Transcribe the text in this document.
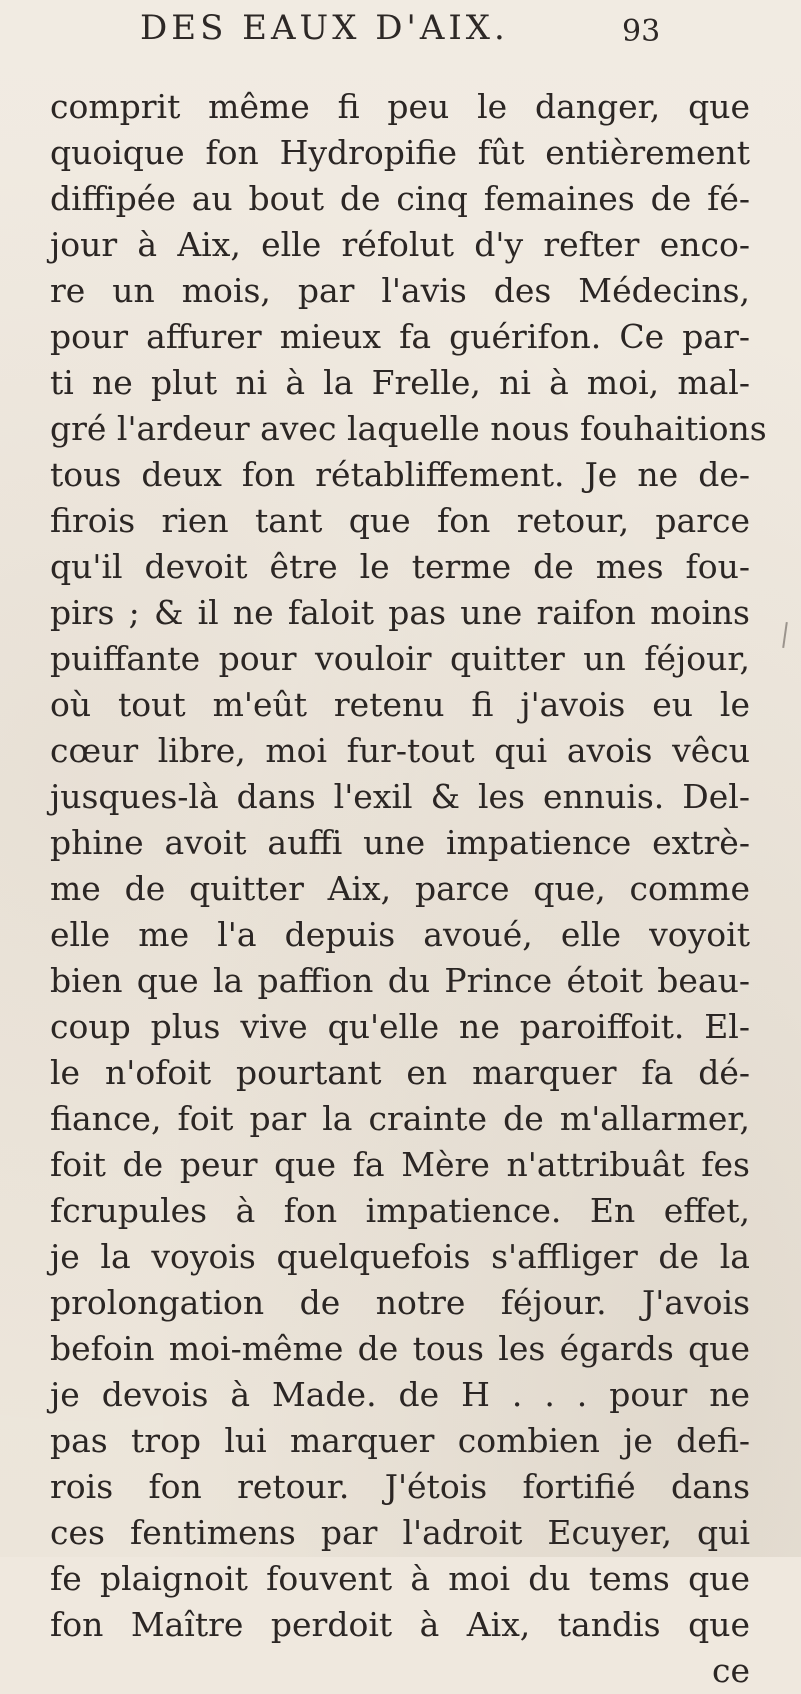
DES EAUX D'AIX.	93
comprit même fi peu le danger, que
quoique fon Hydropifie fût entièrement
diffipée au bout de cinq femaines de fé-
jour à Aix, elle réfolut d'y refter enco-
re un mois, par l'avis des Médecins,
pour affurer mieux fa guérifon. Ce par-
ti ne plut ni à la Frelle, ni à moi, mal-
gré l'ardeur avec laquelle nous fouhaitions
tous deux fon rétabliffement. Je ne de-
firois rien tant que fon retour, parce
qu'il devoit être le terme de mes fou-
pirs ; & il ne faloit pas une raifon moins
puiffante pour vouloir quitter un féjour,
où tout m'eût retenu fi j'avois eu le
cœur libre, moi fur-tout qui avois vêcu
jusques-là dans l'exil & les ennuis. Del-
phine avoit auffi une impatience extrè-
me de quitter Aix, parce que, comme
elle me l'a depuis avoué, elle voyoit
bien que la paffion du Prince étoit beau-
coup plus vive qu'elle ne paroiffoit. El-
le n'ofoit pourtant en marquer fa dé-
fiance, foit par la crainte de m'allarmer,
foit de peur que fa Mère n'attribuât fes
fcrupules à fon impatience. En effet,
je la voyois quelquefois s'affliger de la
prolongation de notre féjour. J'avois
befoin moi-même de tous les égards que
je devois à Made. de H . . . pour ne
pas trop lui marquer combien je defi-
rois fon retour. J'étois fortifié dans
ces fentimens par l'adroit Ecuyer, qui
fe plaignoit fouvent à moi du tems que
fon Maître perdoit à Aix, tandis que
ce
